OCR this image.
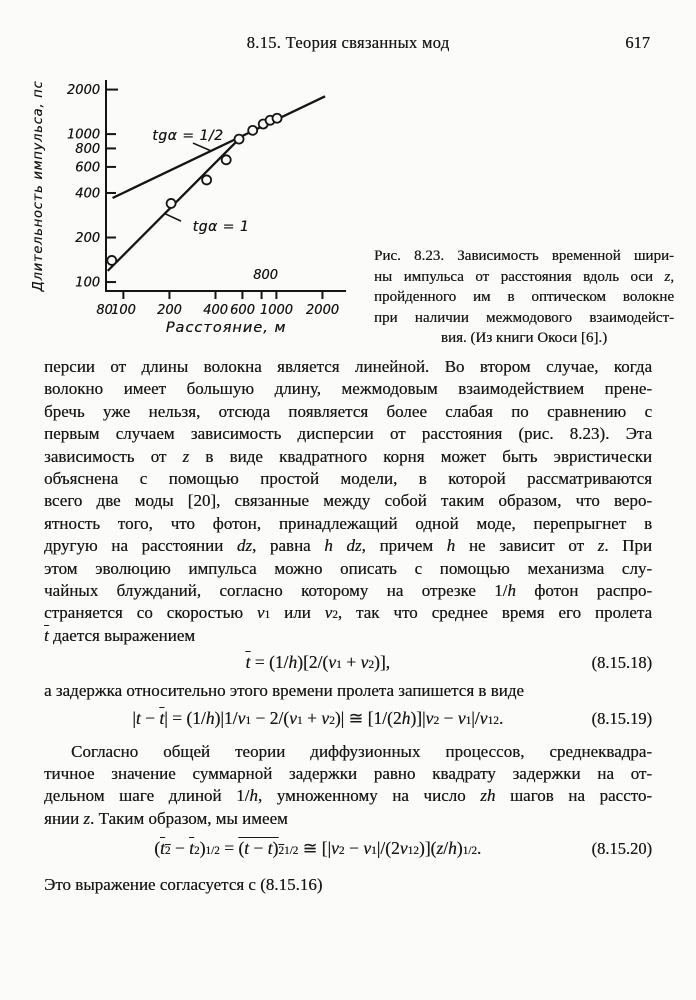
8.15. Теория связанных мод	617
100
200
400
600
800
1000
2000
80
100 200 400 600 1000 2000
800
tgα = 1/2
tgα = 1
Длительность импульса, пс
Расстояние, м
Рис. 8.23. Зависимость временной шири-
ны импульса от расстояния вдоль оси z,
пройденного им в оптическом волокне
при наличии межмодового взаимодейст-
вия. (Из книги Окоси [6].)
персии от длины волокна является линейной. Во втором случае, когда
волокно имеет большую длину, межмодовым взаимодействием прене-
бречь уже нельзя, отсюда появляется более слабая по сравнению с
первым случаем зависимость дисперсии от расстояния (рис. 8.23). Эта
зависимость от z в виде квадратного корня может быть эвристически
объяснена с помощью простой модели, в которой рассматриваются
всего две моды [20], связанные между собой таким образом, что веро-
ятность того, что фотон, принадлежащий одной моде, перепрыгнет в
другую на расстоянии dz, равна h dz, причем h не зависит от z. При
этом эволюцию импульса можно описать с помощью механизма слу-
чайных блужданий, согласно которому на отрезке 1/h фотон распро-
страняется со скоростью v1 или v2, так что среднее время его пролета
$\overline{t}$ дается выражением
$\overline{t} = (1/h)[2/(v1 + v2)]$,	(8.15.18)
а задержка относительно этого времени пролета запишется в виде
$|t - \overline{t}| = (1/h)|1/v1 - 2/(v1 + v2)|$ ≅ $[1/(2h)]|v2 - v1|/v1^2$.	(8.15.19)
Согласно общей теории диффузионных процессов, среднеквадра-
тичное значение суммарной задержки равно квадрату задержки на от-
дельном шаге длиной 1/h, умноженному на число zh шагов на рассто-
янии z. Таким образом, мы имеем
$(t^2 - \overline{t}^2)^{1/2} = (t - t)^{21/2}$ ≅ $[|v2 - v1|/(2v1^2)](z/h)^{1/2}$.	(8.15.20)
Это выражение согласуется с (8.15.16)
